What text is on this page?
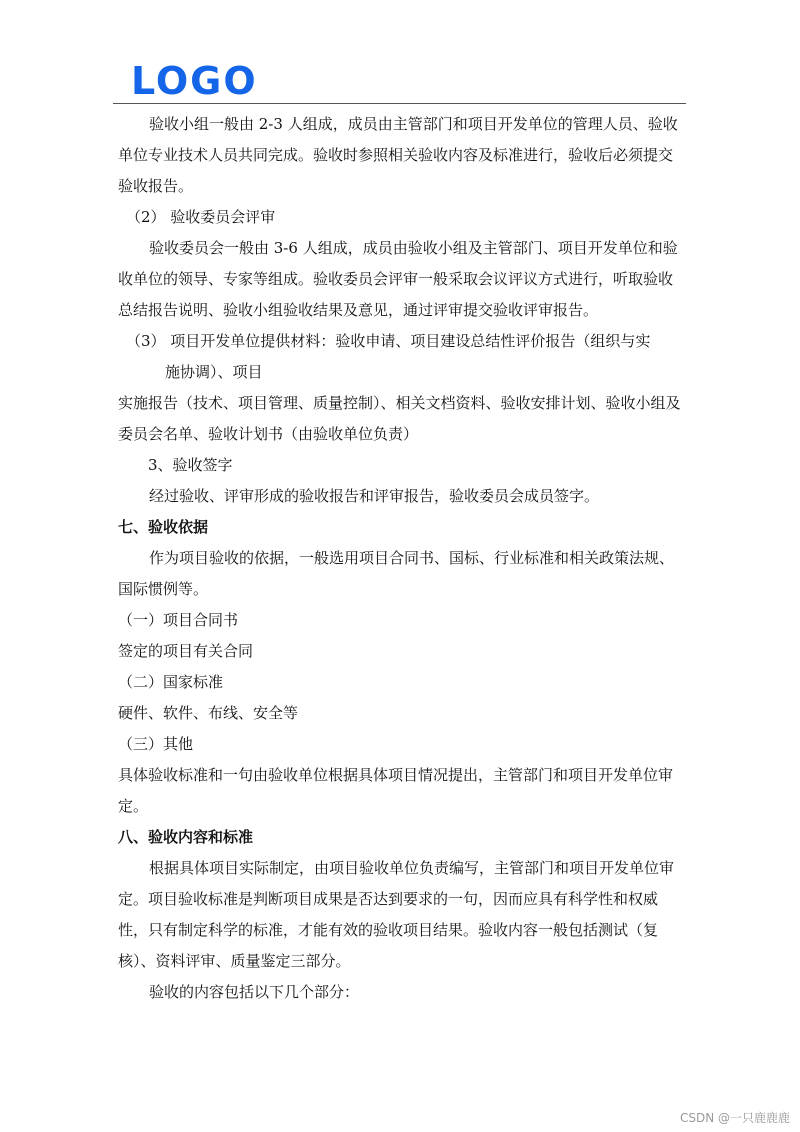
LOGO

验收小组一般由 2-3 人组成，成员由主管部门和项目开发单位的管理人员、验收单位专业技术人员共同完成。验收时参照相关验收内容及标准进行，验收后必须提交验收报告。

（2） 验收委员会评审

验收委员会一般由 3-6 人组成，成员由验收小组及主管部门、项目开发单位和验收单位的领导、专家等组成。验收委员会评审一般采取会议评议方式进行，听取验收总结报告说明、验收小组验收结果及意见，通过评审提交验收评审报告。

（3） 项目开发单位提供材料：验收申请、项目建设总结性评价报告（组织与实

施协调）、项目

实施报告（技术、项目管理、质量控制）、相关文档资料、验收安排计划、验收小组及委员会名单、验收计划书（由验收单位负责）

3、验收签字

经过验收、评审形成的验收报告和评审报告，验收委员会成员签字。

七、验收依据

作为项目验收的依据，一般选用项目合同书、国标、行业标准和相关政策法规、国际惯例等。

（一）项目合同书

签定的项目有关合同

（二）国家标准

硬件、软件、布线、安全等

（三）其他

具体验收标准和一句由验收单位根据具体项目情况提出，主管部门和项目开发单位审定。

八、验收内容和标准

根据具体项目实际制定，由项目验收单位负责编写，主管部门和项目开发单位审定。项目验收标准是判断项目成果是否达到要求的一句，因而应具有科学性和权威性，只有制定科学的标准，才能有效的验收项目结果。验收内容一般包括测试（复核）、资料评审、质量鉴定三部分。

验收的内容包括以下几个部分：

CSDN @一只鹿鹿鹿
